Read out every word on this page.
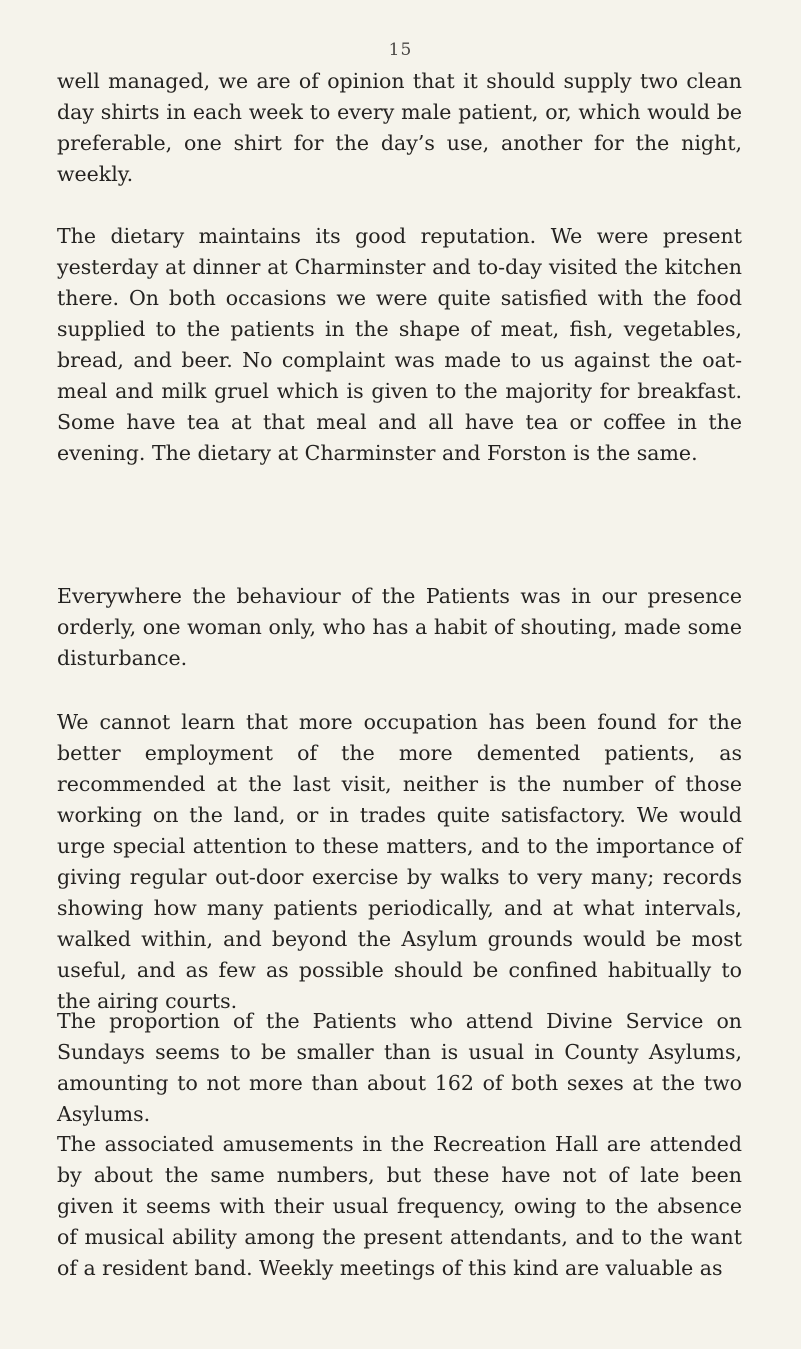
15

well managed, we are of opinion that it should supply two clean day shirts in each week to every male patient, or, which would be preferable, one shirt for the day’s use, another for the night, weekly.

The dietary maintains its good reputation. We were present yesterday at dinner at Charminster and to-day visited the kitchen there. On both occasions we were quite satisfied with the food supplied to the patients in the shape of meat, fish, vegetables, bread, and beer. No complaint was made to us against the oat-meal and milk gruel which is given to the majority for breakfast. Some have tea at that meal and all have tea or coffee in the evening. The dietary at Charminster and Forston is the same.

Everywhere the behaviour of the Patients was in our presence orderly, one woman only, who has a habit of shouting, made some disturbance.

We cannot learn that more occupation has been found for the better employment of the more demented patients, as recommended at the last visit, neither is the number of those working on the land, or in trades quite satisfactory. We would urge special attention to these matters, and to the importance of giving regular out-door exercise by walks to very many; records showing how many patients periodically, and at what intervals, walked within, and beyond the Asylum grounds would be most useful, and as few as possible should be confined habitually to the airing courts.

The proportion of the Patients who attend Divine Service on Sundays seems to be smaller than is usual in County Asylums, amounting to not more than about 162 of both sexes at the two Asylums.

The associated amusements in the Recreation Hall are attended by about the same numbers, but these have not of late been given it seems with their usual frequency, owing to the absence of musical ability among the present attendants, and to the want of a resident band. Weekly meetings of this kind are valuable as
